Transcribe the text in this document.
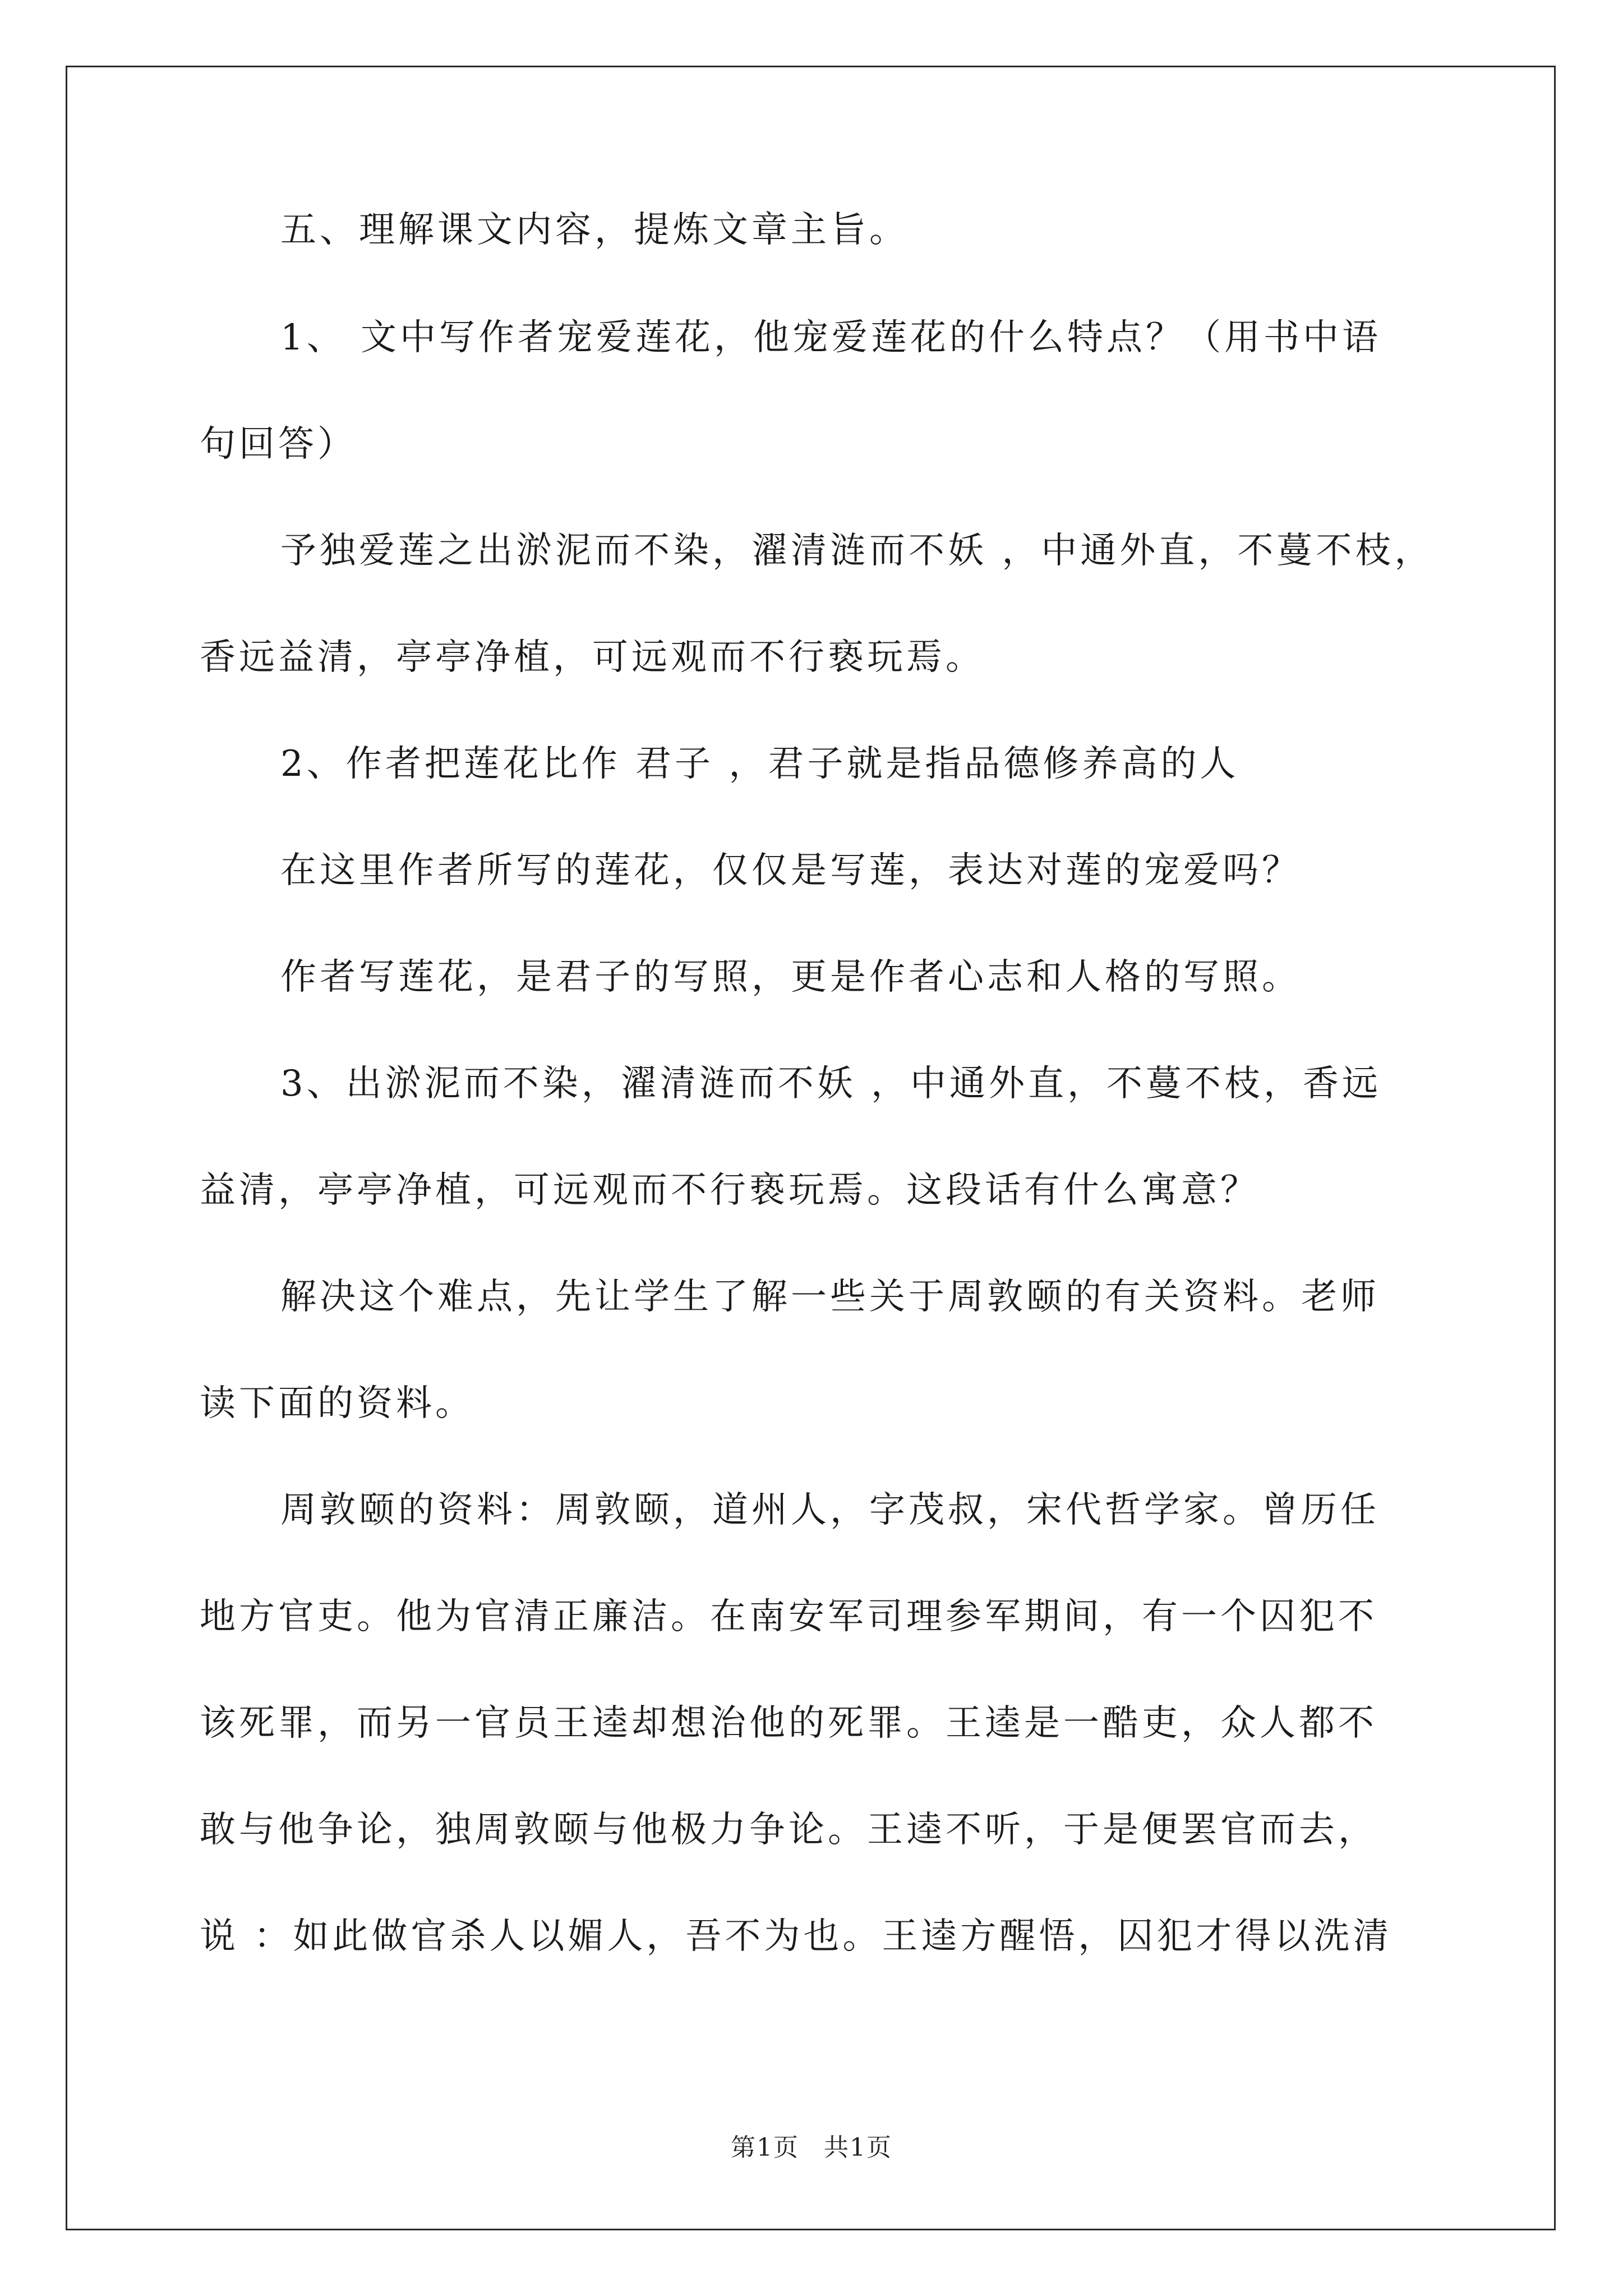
五、理解课文内容，提炼文章主旨。
1、 文中写作者宠爱莲花，他宠爱莲花的什么特点？（用书中语
句回答）
予独爱莲之出淤泥而不染，濯清涟而不妖 ，中通外直，不蔓不枝，
香远益清，亭亭净植，可远观而不行亵玩焉。
2、作者把莲花比作 君子 ，君子就是指品德修养高的人
在这里作者所写的莲花，仅仅是写莲，表达对莲的宠爱吗？
作者写莲花，是君子的写照，更是作者心志和人格的写照。
3、出淤泥而不染，濯清涟而不妖 ，中通外直，不蔓不枝，香远
益清，亭亭净植，可远观而不行亵玩焉。这段话有什么寓意？
解决这个难点，先让学生了解一些关于周敦颐的有关资料。老师
读下面的资料。
周敦颐的资料：周敦颐，道州人，字茂叔，宋代哲学家。曾历任
地方官吏。他为官清正廉洁。在南安军司理参军期间，有一个囚犯不
该死罪，而另一官员王逵却想治他的死罪。王逵是一酷吏，众人都不
敢与他争论，独周敦颐与他极力争论。王逵不听，于是便罢官而去，
说 ：如此做官杀人以媚人，吾不为也。王逵方醒悟，囚犯才得以洗清
第1页 共1页
